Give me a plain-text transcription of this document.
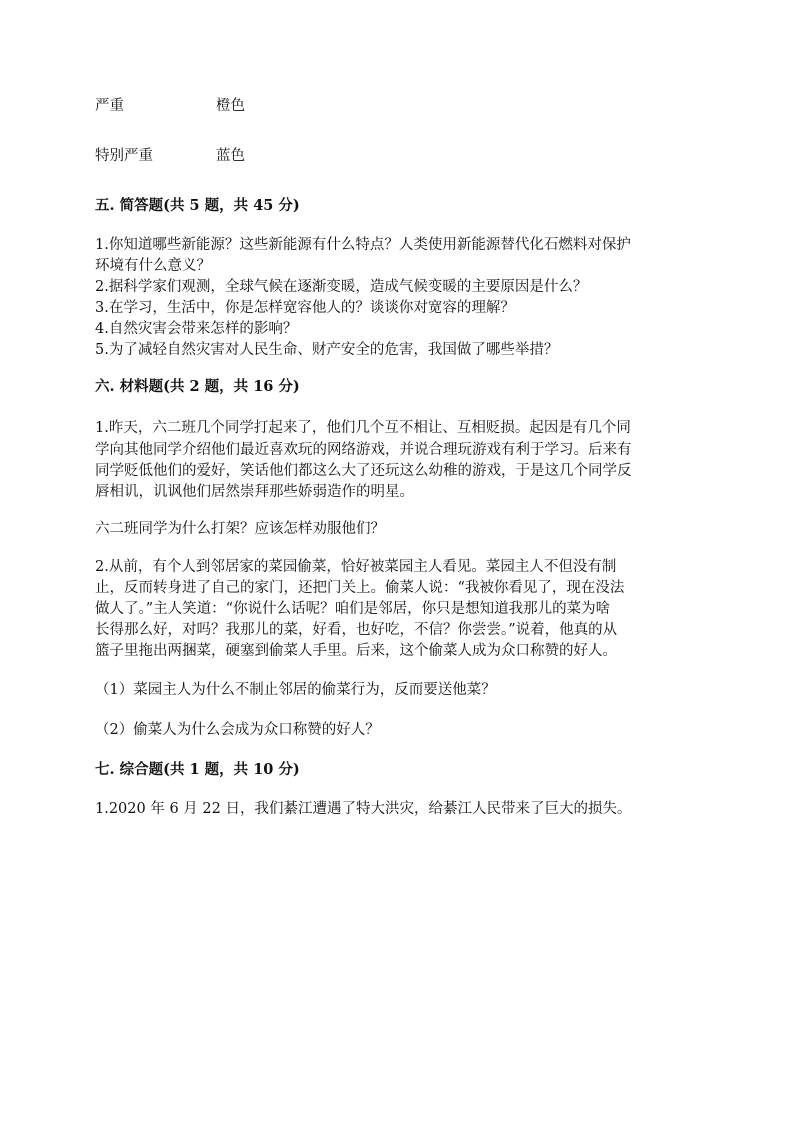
严重	橙色
特别严重	蓝色
五. 简答题(共 5 题，共 45 分)
1.你知道哪些新能源？这些新能源有什么特点？人类使用新能源替代化石燃料对保护
环境有什么意义？
2.据科学家们观测，全球气候在逐渐变暖，造成气候变暖的主要原因是什么？
3.在学习，生活中，你是怎样宽容他人的？谈谈你对宽容的理解？
4.自然灾害会带来怎样的影响？
5.为了减轻自然灾害对人民生命、财产安全的危害，我国做了哪些举措？
六. 材料题(共 2 题，共 16 分)
1.昨天，六二班几个同学打起来了，他们几个互不相让、互相贬损。起因是有几个同
学向其他同学介绍他们最近喜欢玩的网络游戏，并说合理玩游戏有利于学习。后来有
同学贬低他们的爱好，笑话他们都这么大了还玩这么幼稚的游戏，于是这几个同学反
唇相讥，讥讽他们居然崇拜那些娇弱造作的明星。
六二班同学为什么打架？应该怎样劝服他们？
2.从前，有个人到邻居家的菜园偷菜，恰好被菜园主人看见。菜园主人不但没有制
止，反而转身进了自己的家门，还把门关上。偷菜人说：“我被你看见了，现在没法
做人了。”主人笑道：“你说什么话呢？咱们是邻居，你只是想知道我那儿的菜为啥
长得那么好，对吗？我那儿的菜，好看，也好吃，不信？你尝尝。”说着，他真的从
篮子里拖出两捆菜，硬塞到偷菜人手里。后来，这个偷菜人成为众口称赞的好人。
（1）菜园主人为什么不制止邻居的偷菜行为，反而要送他菜？
（2）偷菜人为什么会成为众口称赞的好人？
七. 综合题(共 1 题，共 10 分)
1.2020 年 6 月 22 日，我们綦江遭遇了特大洪灾，给綦江人民带来了巨大的损失。
